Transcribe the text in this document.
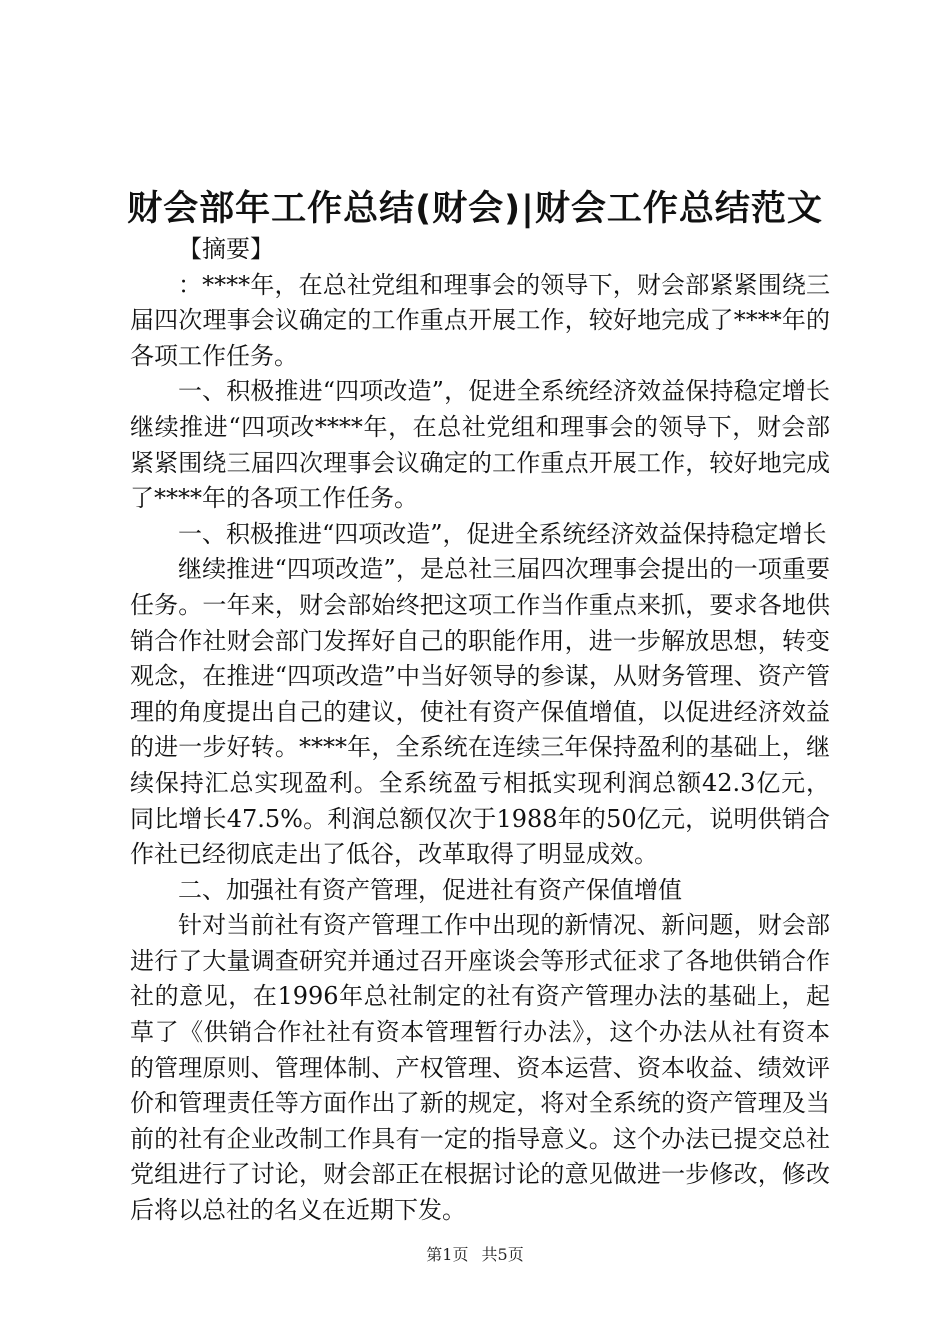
财会部年工作总结(财会)|财会工作总结范文

【摘要】

：****年，在总社党组和理事会的领导下，财会部紧紧围绕三届四次理事会议确定的工作重点开展工作，较好地完成了****年的各项工作任务。

一、积极推进“四项改造”，促进全系统经济效益保持稳定增长继续推进“四项改****年，在总社党组和理事会的领导下，财会部紧紧围绕三届四次理事会议确定的工作重点开展工作，较好地完成了****年的各项工作任务。

一、积极推进“四项改造”，促进全系统经济效益保持稳定增长

继续推进“四项改造”，是总社三届四次理事会提出的一项重要任务。一年来，财会部始终把这项工作当作重点来抓，要求各地供销合作社财会部门发挥好自己的职能作用，进一步解放思想，转变观念，在推进“四项改造”中当好领导的参谋，从财务管理、资产管理的角度提出自己的建议，使社有资产保值增值，以促进经济效益的进一步好转。****年，全系统在连续三年保持盈利的基础上，继续保持汇总实现盈利。全系统盈亏相抵实现利润总额42.3亿元，同比增长47.5%。利润总额仅次于1988年的50亿元，说明供销合作社已经彻底走出了低谷，改革取得了明显成效。

二、加强社有资产管理，促进社有资产保值增值

针对当前社有资产管理工作中出现的新情况、新问题，财会部进行了大量调查研究并通过召开座谈会等形式征求了各地供销合作社的意见，在1996年总社制定的社有资产管理办法的基础上，起草了《供销合作社社有资本管理暂行办法》，这个办法从社有资本的管理原则、管理体制、产权管理、资本运营、资本收益、绩效评价和管理责任等方面作出了新的规定，将对全系统的资产管理及当前的社有企业改制工作具有一定的指导意义。这个办法已提交总社党组进行了讨论，财会部正在根据讨论的意见做进一步修改，修改后将以总社的名义在近期下发。

第1页 共5页
